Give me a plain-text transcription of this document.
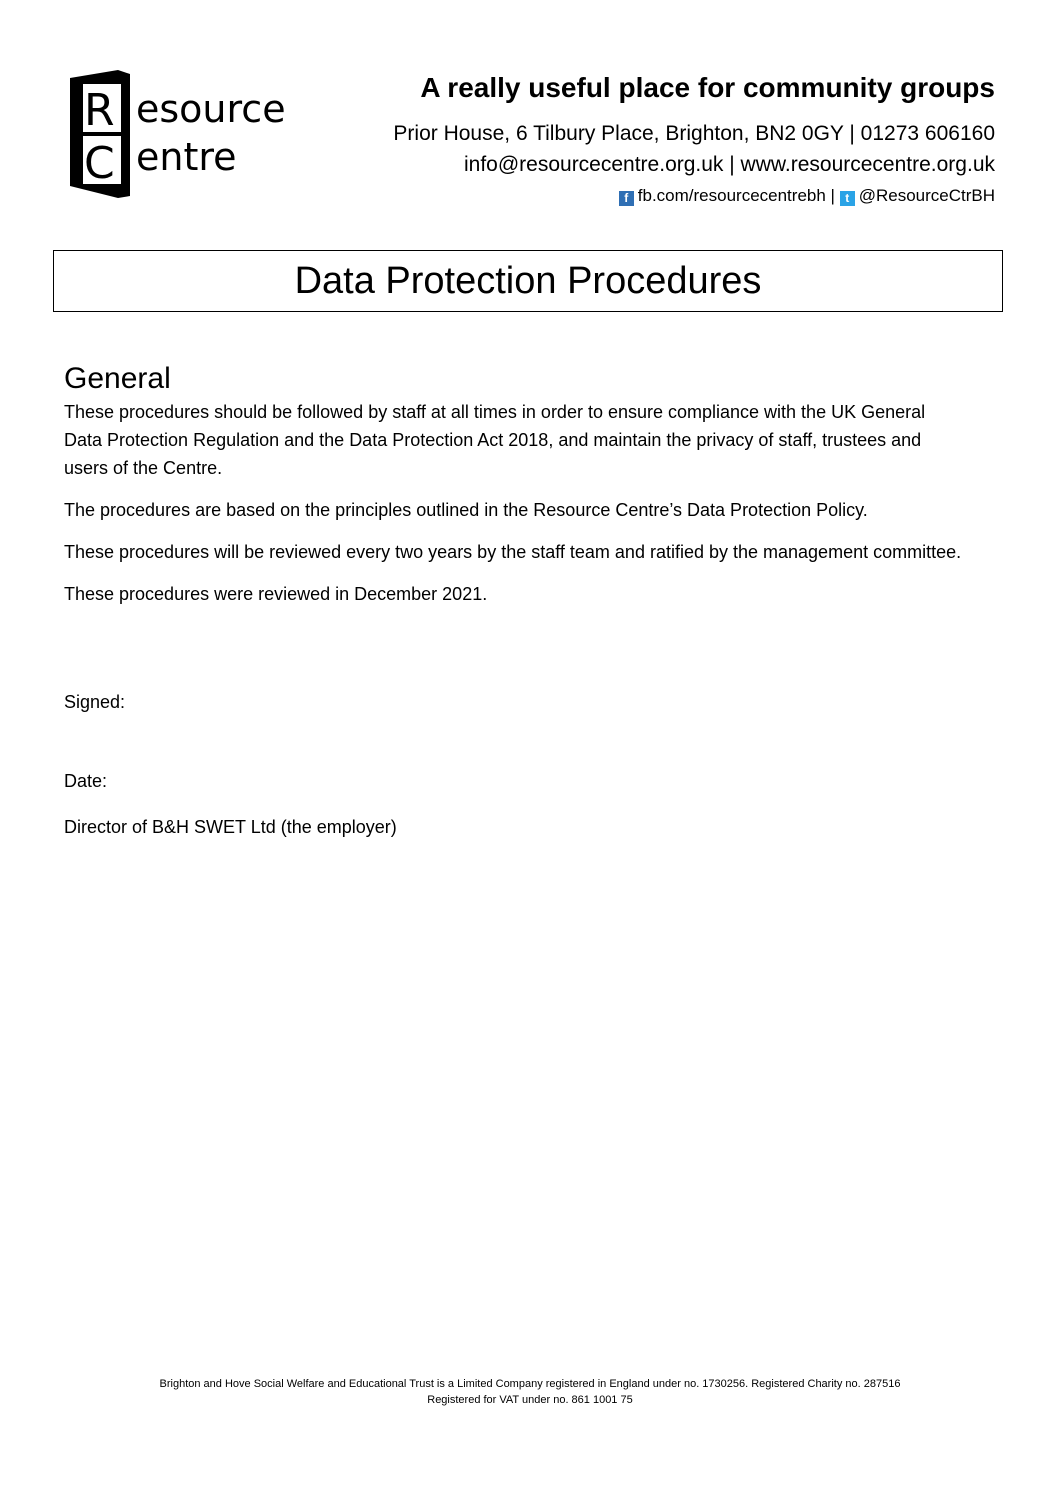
R
C
esource
entre
A really useful place for community groups
Prior House, 6 Tilbury Place, Brighton, BN2 0GY | 01273 606160
info@resourcecentre.org.uk | www.resourcecentre.org.uk
f fb.com/resourcecentrebh | t @ResourceCtrBH
Data Protection Procedures
General

These procedures should be followed by staff at all times in order to ensure compliance with the UK General Data Protection Regulation and the Data Protection Act 2018, and maintain the privacy of staff, trustees and users of the Centre.

The procedures are based on the principles outlined in the Resource Centre’s Data Protection Policy.

These procedures will be reviewed every two years by the staff team and ratified by the management committee.

These procedures were reviewed in December 2021.

Signed:
Date:
Director of B&H SWET Ltd (the employer)
Brighton and Hove Social Welfare and Educational Trust is a Limited Company registered in England under no. 1730256. Registered Charity no. 287516
Registered for VAT under no. 861 1001 75
